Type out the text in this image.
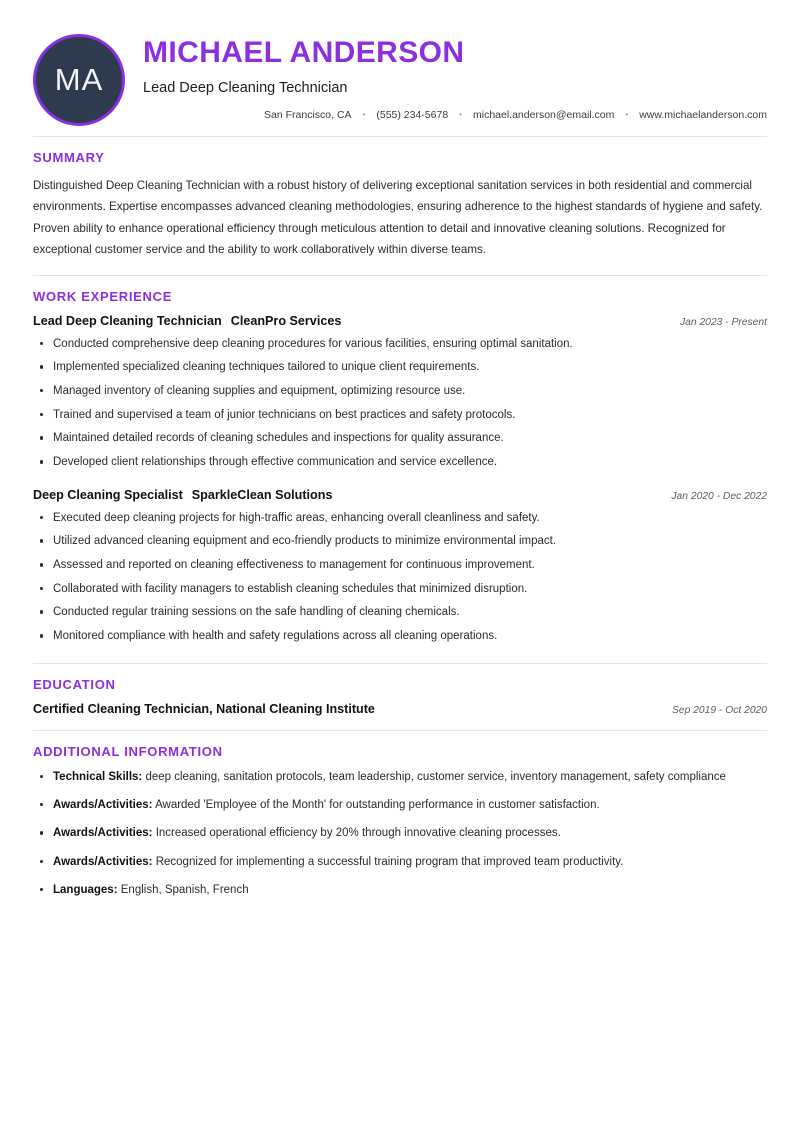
MA
MICHAEL ANDERSON
Lead Deep Cleaning Technician
San Francisco, CA • (555) 234-5678 • michael.anderson@email.com • www.michaelanderson.com
SUMMARY
Distinguished Deep Cleaning Technician with a robust history of delivering exceptional sanitation services in both residential and commercial environments. Expertise encompasses advanced cleaning methodologies, ensuring adherence to the highest standards of hygiene and safety. Proven ability to enhance operational efficiency through meticulous attention to detail and innovative cleaning solutions. Recognized for exceptional customer service and the ability to work collaboratively within diverse teams.
WORK EXPERIENCE
Lead Deep Cleaning Technician CleanPro Services	Jan 2023 - Present
Conducted comprehensive deep cleaning procedures for various facilities, ensuring optimal sanitation.
Implemented specialized cleaning techniques tailored to unique client requirements.
Managed inventory of cleaning supplies and equipment, optimizing resource use.
Trained and supervised a team of junior technicians on best practices and safety protocols.
Maintained detailed records of cleaning schedules and inspections for quality assurance.
Developed client relationships through effective communication and service excellence.
Deep Cleaning Specialist SparkleClean Solutions	Jan 2020 - Dec 2022
Executed deep cleaning projects for high-traffic areas, enhancing overall cleanliness and safety.
Utilized advanced cleaning equipment and eco-friendly products to minimize environmental impact.
Assessed and reported on cleaning effectiveness to management for continuous improvement.
Collaborated with facility managers to establish cleaning schedules that minimized disruption.
Conducted regular training sessions on the safe handling of cleaning chemicals.
Monitored compliance with health and safety regulations across all cleaning operations.
EDUCATION
Certified Cleaning Technician, National Cleaning Institute	Sep 2019 - Oct 2020
ADDITIONAL INFORMATION
Technical Skills: deep cleaning, sanitation protocols, team leadership, customer service, inventory management, safety compliance
Awards/Activities: Awarded 'Employee of the Month' for outstanding performance in customer satisfaction.
Awards/Activities: Increased operational efficiency by 20% through innovative cleaning processes.
Awards/Activities: Recognized for implementing a successful training program that improved team productivity.
Languages: English, Spanish, French
